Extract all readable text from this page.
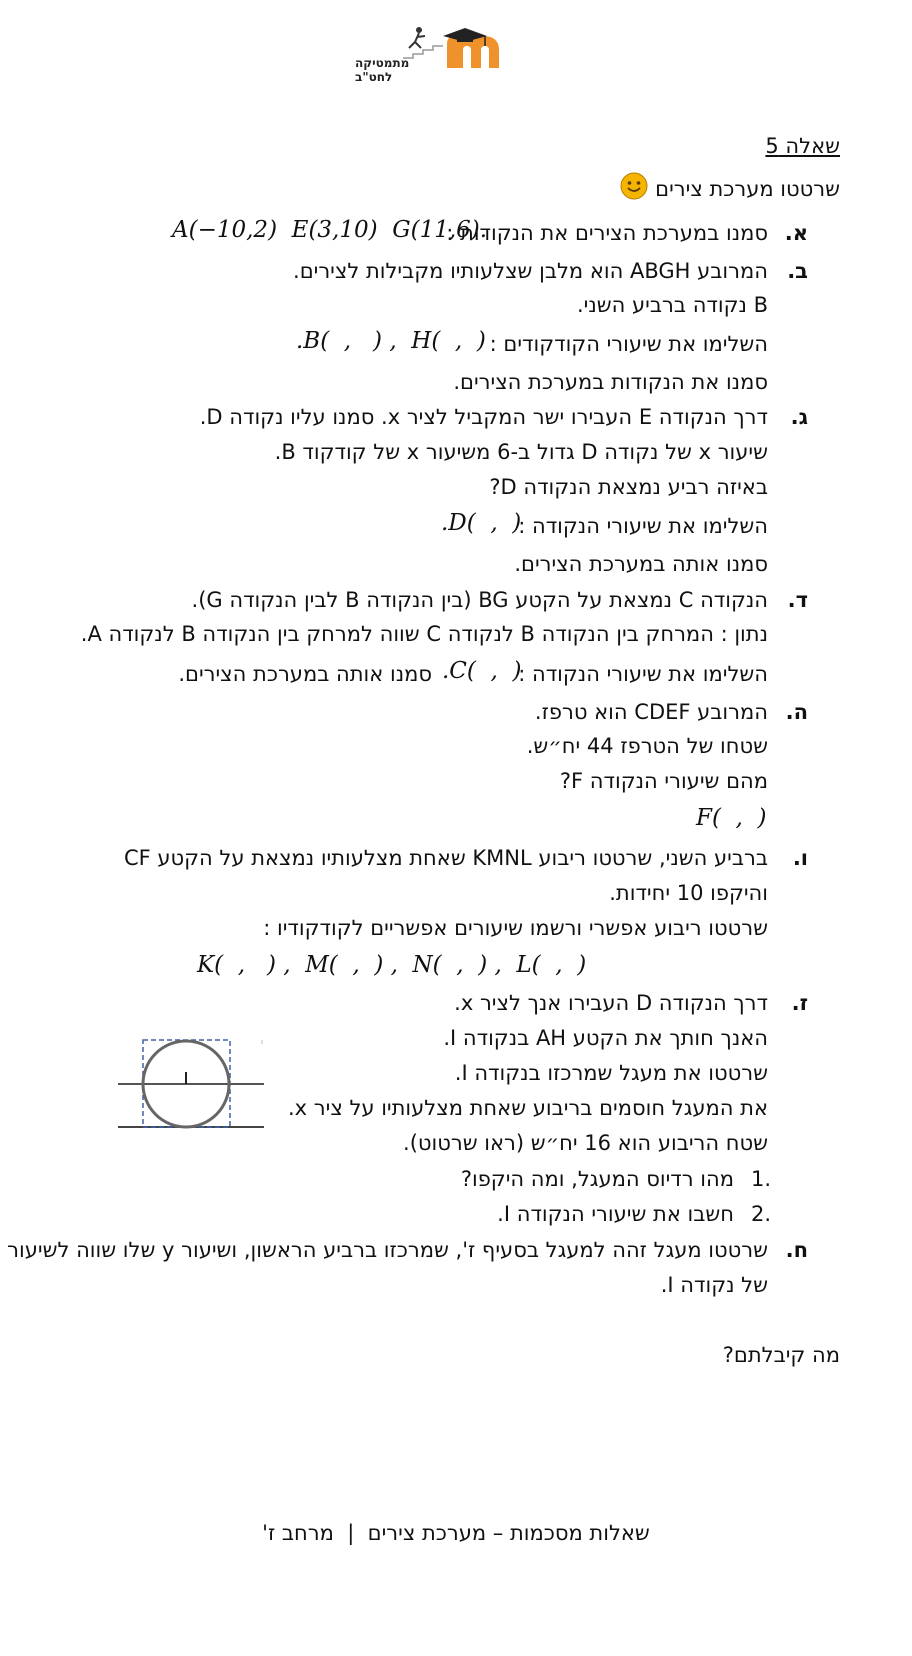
מתמטיקה לחט"ב
שאלה 5
שרטטו מערכת צירים
א.
סמנו במערכת הצירים את הנקודות :
A(−10,2)  E(3,10)  G(11,6).
ב.
המרובע ABGH הוא מלבן שצלעותיו מקבילות לצירים.
B נקודה ברביע השני.
השלימו את שיעורי הקודקודים :
.B(  ,   ) ,  H(  ,  )
סמנו את הנקודות במערכת הצירים.
ג.
דרך הנקודה E העבירו ישר המקביל לציר x. סמנו עליו נקודה D.
שיעור x של נקודה D גדול ב-6 משיעור x של קודקוד B.
באיזה רביע נמצאת הנקודה D?
השלימו את שיעורי הנקודה :
.D(  ,  )
סמנו אותה במערכת הצירים.
ד.
הנקודה C נמצאת על הקטע BG (בין הנקודה B לבין הנקודה G).
נתון : המרחק בין הנקודה B לנקודה C שווה למרחק בין הנקודה B לנקודה A.
השלימו את שיעורי הנקודה :
.C(  ,  )
סמנו אותה במערכת הצירים.
ה.
המרובע CDEF הוא טרפז.
שטחו של הטרפז 44 יח״ש.
מהם שיעורי הנקודה F?
F(  ,  )
ו.
ברביע השני, שרטטו ריבוע KMNL שאחת מצלעותיו נמצאת על הקטע CF
והיקפו 10 יחידות.
שרטטו ריבוע אפשרי ורשמו שיעורים אפשריים לקודקודיו :
K(  ,   ) ,  M(  ,  ) ,  N(  ,  ) ,  L(  ,  )
ז.
דרך הנקודה D העבירו אנך לציר x.
האנך חותך את הקטע AH בנקודה I.
שרטטו את מעגל שמרכזו בנקודה I.
את המעגל חוסמים בריבוע שאחת מצלעותיו על ציר x.
שטח הריבוע הוא 16 יח״ש (ראו שרטוט).
1.
מהו רדיוס המעגל, ומה היקפו?
2.
חשבו את שיעורי הנקודה I.
ח.
שרטטו מעגל זהה למעגל בסעיף ז', שמרכזו ברביע הראשון, ושיעור y שלו שווה לשיעור
של נקודה I.
מה קיבלתם?
שאלות מסכמות – מערכת צירים  |  מרחב ז'
